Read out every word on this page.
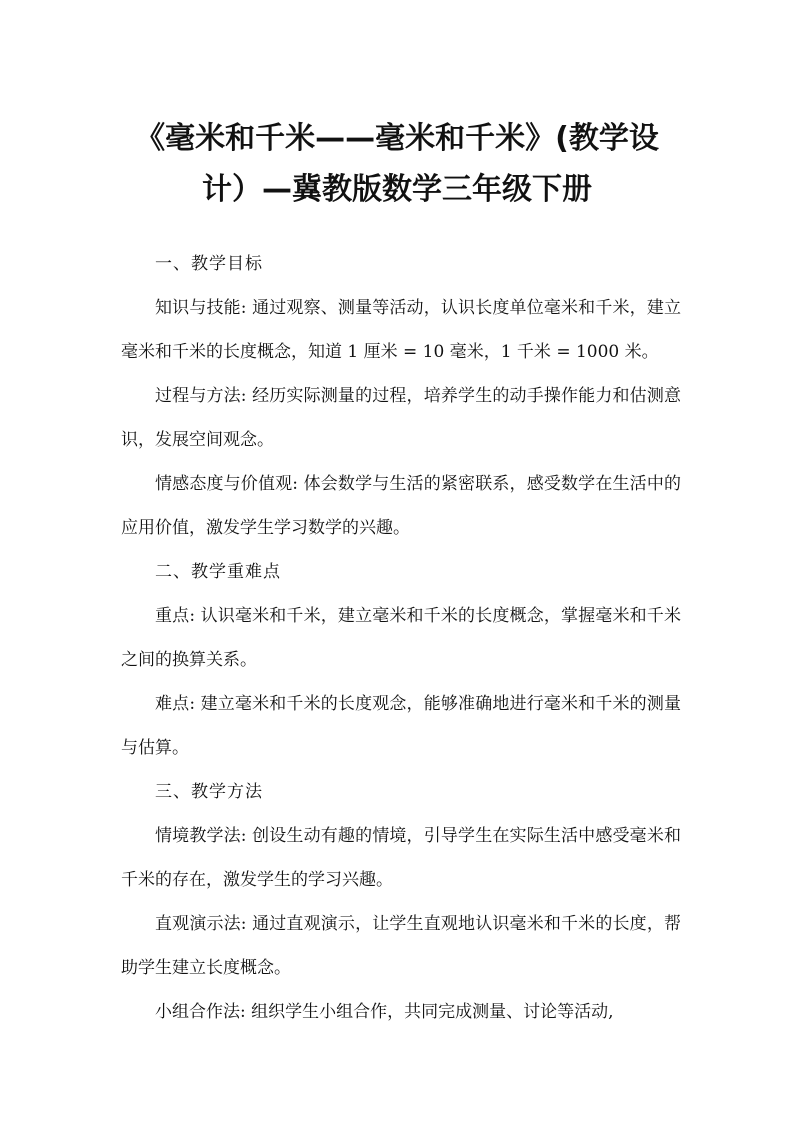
《毫米和千米——毫米和千米》(教学设
计）—冀教版数学三年级下册

一、教学目标

知识与技能: 通过观察、测量等活动，认识长度单位毫米和千米，建立毫米和千米的长度概念，知道 1 厘米 = 10 毫米，1 千米 = 1000 米。

过程与方法: 经历实际测量的过程，培养学生的动手操作能力和估测意识，发展空间观念。

情感态度与价值观: 体会数学与生活的紧密联系，感受数学在生活中的应用价值，激发学生学习数学的兴趣。

二、教学重难点

重点: 认识毫米和千米，建立毫米和千米的长度概念，掌握毫米和千米之间的换算关系。

难点: 建立毫米和千米的长度观念，能够准确地进行毫米和千米的测量与估算。

三、教学方法

情境教学法: 创设生动有趣的情境，引导学生在实际生活中感受毫米和千米的存在，激发学生的学习兴趣。

直观演示法: 通过直观演示，让学生直观地认识毫米和千米的长度，帮助学生建立长度概念。

小组合作法: 组织学生小组合作，共同完成测量、讨论等活动,
